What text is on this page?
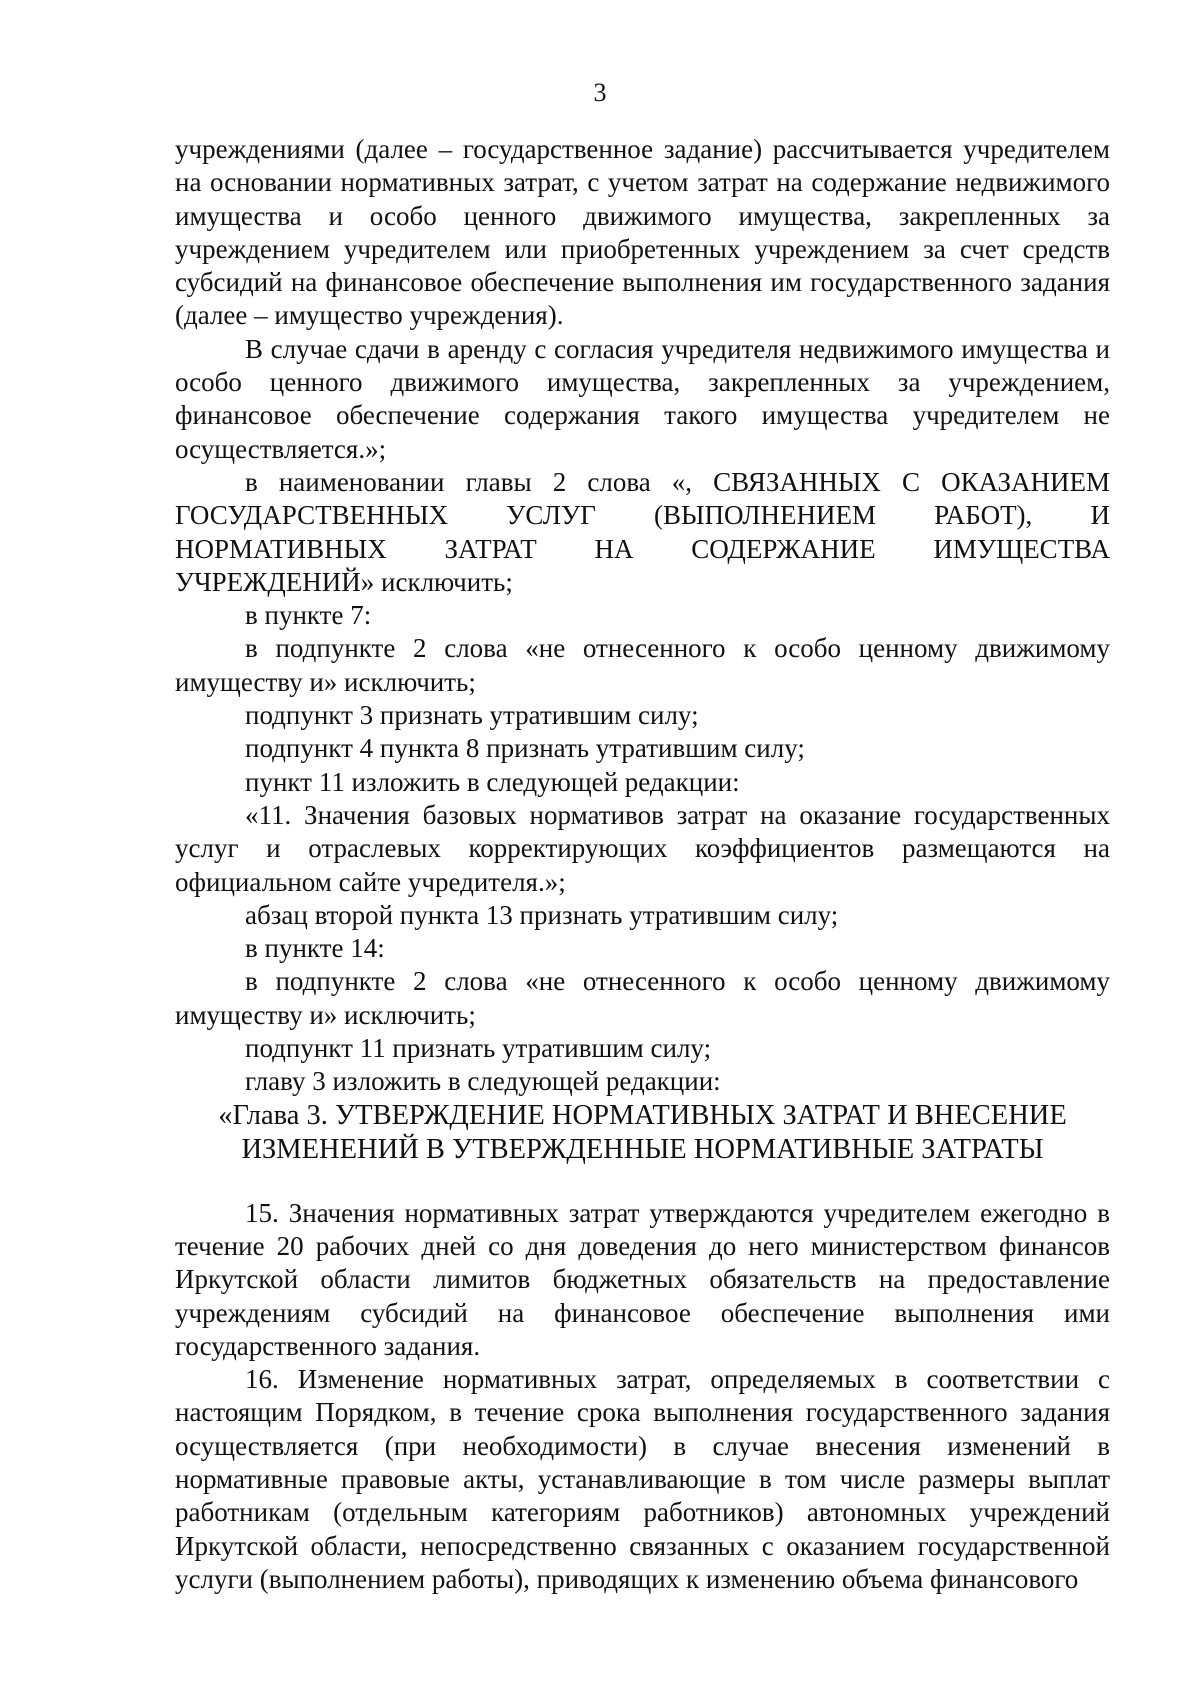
3

учреждениями (далее – государственное задание) рассчитывается учредителем на основании нормативных затрат, с учетом затрат на содержание недвижимого имущества и особо ценного движимого имущества, закрепленных за учреждением учредителем или приобретенных учреждением за счет средств субсидий на финансовое обеспечение выполнения им государственного задания (далее – имущество учреждения).

В случае сдачи в аренду с согласия учредителя недвижимого имущества и особо ценного движимого имущества, закрепленных за учреждением, финансовое обеспечение содержания такого имущества учредителем не осуществляется.»;

в наименовании главы 2 слова «, СВЯЗАННЫХ С ОКАЗАНИЕМ ГОСУДАРСТВЕННЫХ УСЛУГ (ВЫПОЛНЕНИЕМ РАБОТ), И НОРМАТИВНЫХ ЗАТРАТ НА СОДЕРЖАНИЕ ИМУЩЕСТВА УЧРЕЖДЕНИЙ» исключить;

в пункте 7:

в подпункте 2 слова «не отнесенного к особо ценному движимому имуществу и» исключить;

подпункт 3 признать утратившим силу;

подпункт 4 пункта 8 признать утратившим силу;

пункт 11 изложить в следующей редакции:

«11. Значения базовых нормативов затрат на оказание государственных услуг и отраслевых корректирующих коэффициентов размещаются на официальном сайте учредителя.»;

абзац второй пункта 13 признать утратившим силу;

в пункте 14:

в подпункте 2 слова «не отнесенного к особо ценному движимому имуществу и» исключить;

подпункт 11 признать утратившим силу;

главу 3 изложить в следующей редакции:

«Глава 3. УТВЕРЖДЕНИЕ НОРМАТИВНЫХ ЗАТРАТ И ВНЕСЕНИЕ
ИЗМЕНЕНИЙ В УТВЕРЖДЕННЫЕ НОРМАТИВНЫЕ ЗАТРАТЫ

15. Значения нормативных затрат утверждаются учредителем ежегодно в течение 20 рабочих дней со дня доведения до него министерством финансов Иркутской области лимитов бюджетных обязательств на предоставление учреждениям субсидий на финансовое обеспечение выполнения ими государственного задания.

16. Изменение нормативных затрат, определяемых в соответствии с настоящим Порядком, в течение срока выполнения государственного задания осуществляется (при необходимости) в случае внесения изменений в нормативные правовые акты, устанавливающие в том числе размеры выплат работникам (отдельным категориям работников) автономных учреждений Иркутской области, непосредственно связанных с оказанием государственной услуги (выполнением работы), приводящих к изменению объема финансового
